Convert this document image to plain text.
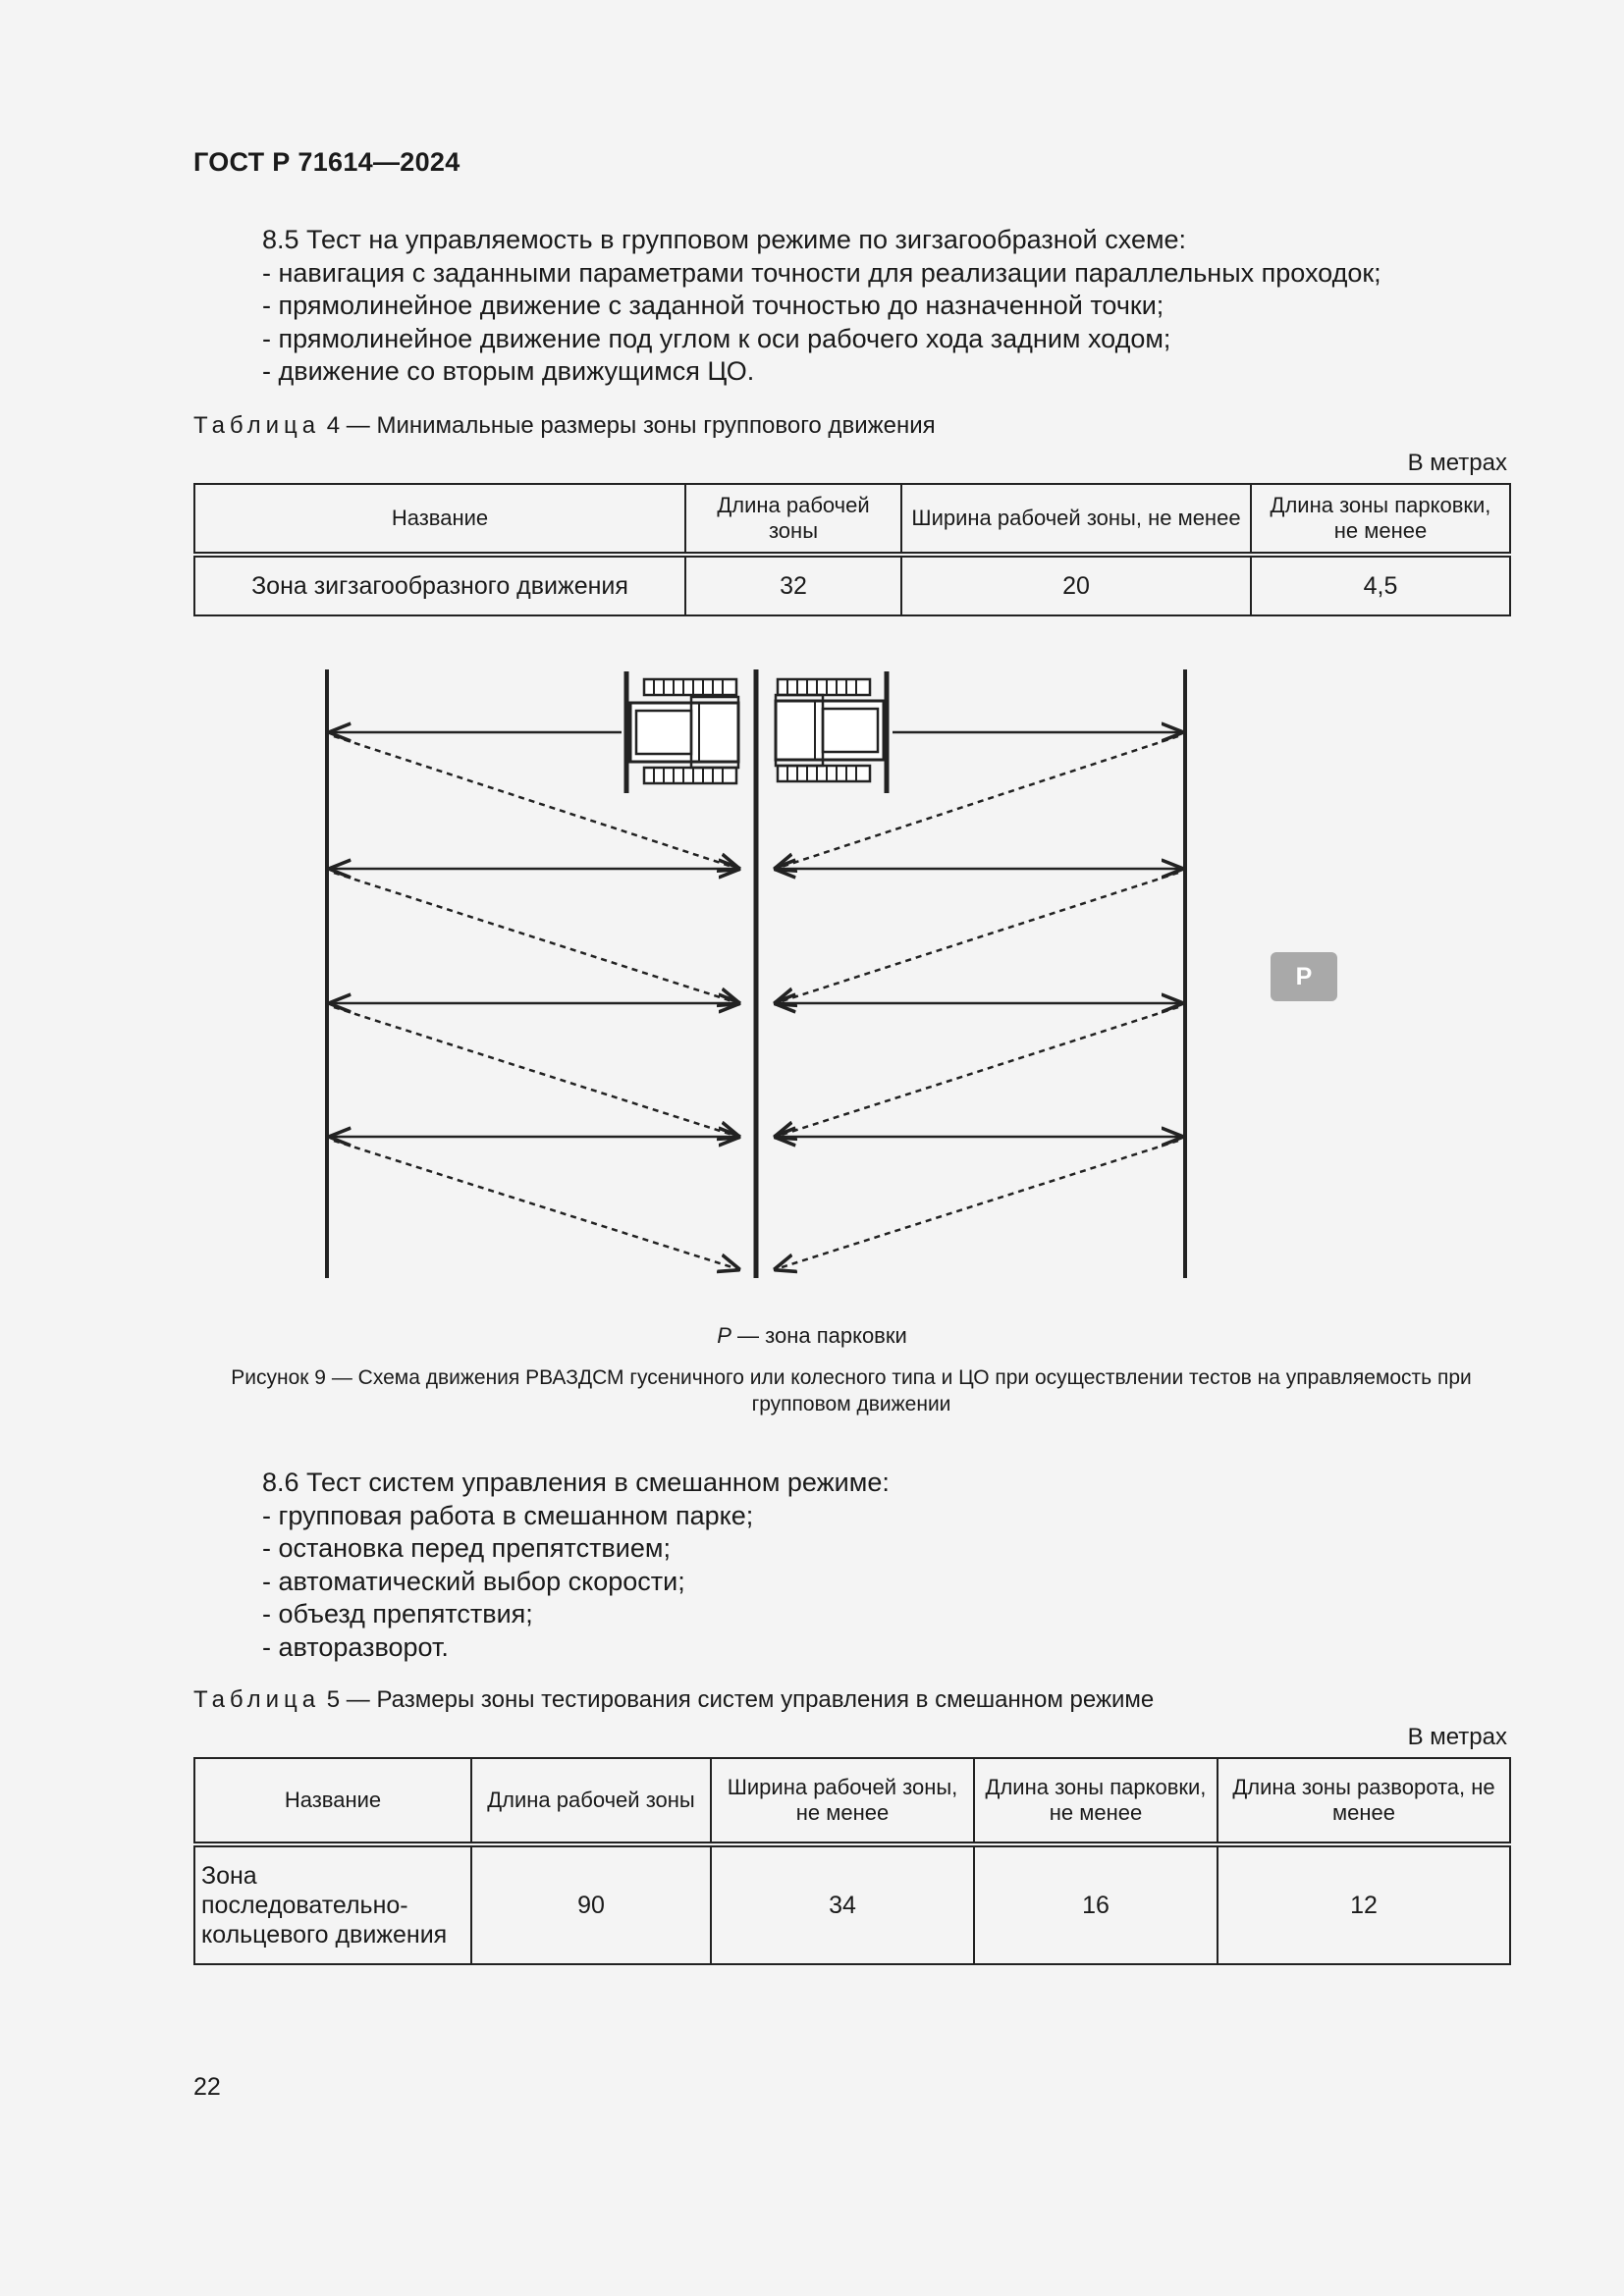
ГОСТ Р 71614—2024
8.5 Тест на управляемость в групповом режиме по зигзагообразной схеме:
- навигация с заданными параметрами точности для реализации параллельных проходок;
- прямолинейное движение с заданной точностью до назначенной точки;
- прямолинейное движение под углом к оси рабочего хода задним ходом;
- движение со вторым движущимся ЦО.
Таблица 4 — Минимальные размеры зоны группового движения
В метрах
Название	Длина рабочей зоны	Ширина рабочей зоны, не менее	Длина зоны парковки, не менее
Зона зигзагообразного движения	32	20	4,5
P
P — зона парковки
Рисунок 9 — Схема движения РВАЗДСМ гусеничного или колесного типа и ЦО при осуществлении тестов на управляемость при групповом движении
8.6 Тест систем управления в смешанном режиме:
- групповая работа в смешанном парке;
- остановка перед препятствием;
- автоматический выбор скорости;
- объезд препятствия;
- авторазворот.
Таблица 5 — Размеры зоны тестирования систем управления в смешанном режиме
В метрах
Название	Длина рабочей зоны	Ширина рабочей зоны, не менее	Длина зоны парковки, не менее	Длина зоны разворота, не менее
Зона последовательно-кольцевого движения	90	34	16	12
22
